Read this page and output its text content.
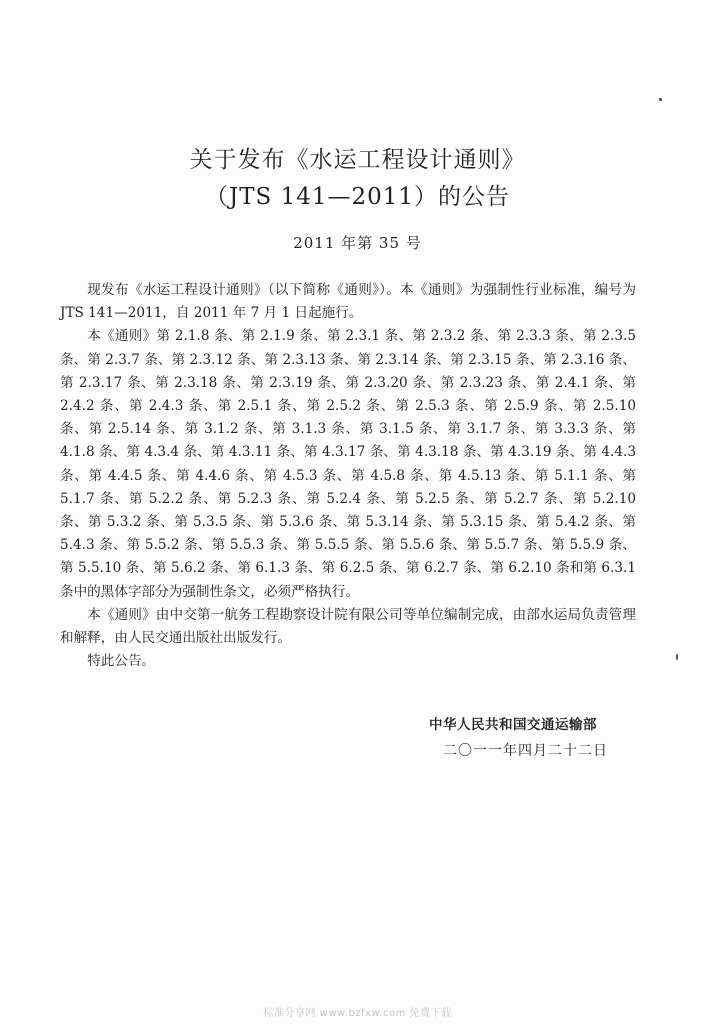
关于发布《水运工程设计通则》
（JTS 141—2011）的公告
2011 年第 35 号

现发布《水运工程设计通则》（以下简称《通则》）。本《通则》为强制性行业标准，编号为 JTS 141—2011，自 2011 年 7 月 1 日起施行。

本《通则》第 2.1.8 条、第 2.1.9 条、第 2.3.1 条、第 2.3.2 条、第 2.3.3 条、第 2.3.5 条、第 2.3.7 条、第 2.3.12 条、第 2.3.13 条、第 2.3.14 条、第 2.3.15 条、第 2.3.16 条、第 2.3.17 条、第 2.3.18 条、第 2.3.19 条、第 2.3.20 条、第 2.3.23 条、第 2.4.1 条、第 2.4.2 条、第 2.4.3 条、第 2.5.1 条、第 2.5.2 条、第 2.5.3 条、第 2.5.9 条、第 2.5.10 条、第 2.5.14 条、第 3.1.2 条、第 3.1.3 条、第 3.1.5 条、第 3.1.7 条、第 3.3.3 条、第 4.1.8 条、第 4.3.4 条、第 4.3.11 条、第 4.3.17 条、第 4.3.18 条、第 4.3.19 条、第 4.4.3 条、第 4.4.5 条、第 4.4.6 条、第 4.5.3 条、第 4.5.8 条、第 4.5.13 条、第 5.1.1 条、第 5.1.7 条、第 5.2.2 条、第 5.2.3 条、第 5.2.4 条、第 5.2.5 条、第 5.2.7 条、第 5.2.10 条、第 5.3.2 条、第 5.3.5 条、第 5.3.6 条、第 5.3.14 条、第 5.3.15 条、第 5.4.2 条、第 5.4.3 条、第 5.5.2 条、第 5.5.3 条、第 5.5.5 条、第 5.5.6 条、第 5.5.7 条、第 5.5.9 条、第 5.5.10 条、第 5.6.2 条、第 6.1.3 条、第 6.2.5 条、第 6.2.7 条、第 6.2.10 条和第 6.3.1 条中的黑体字部分为强制性条文，必须严格执行。

本《通则》由中交第一航务工程勘察设计院有限公司等单位编制完成，由部水运局负责管理和解释，由人民交通出版社出版发行。

特此公告。

中华人民共和国交通运输部
二〇一一年四月二十二日
标准分享网 www.bzfxw.com 免费下载
